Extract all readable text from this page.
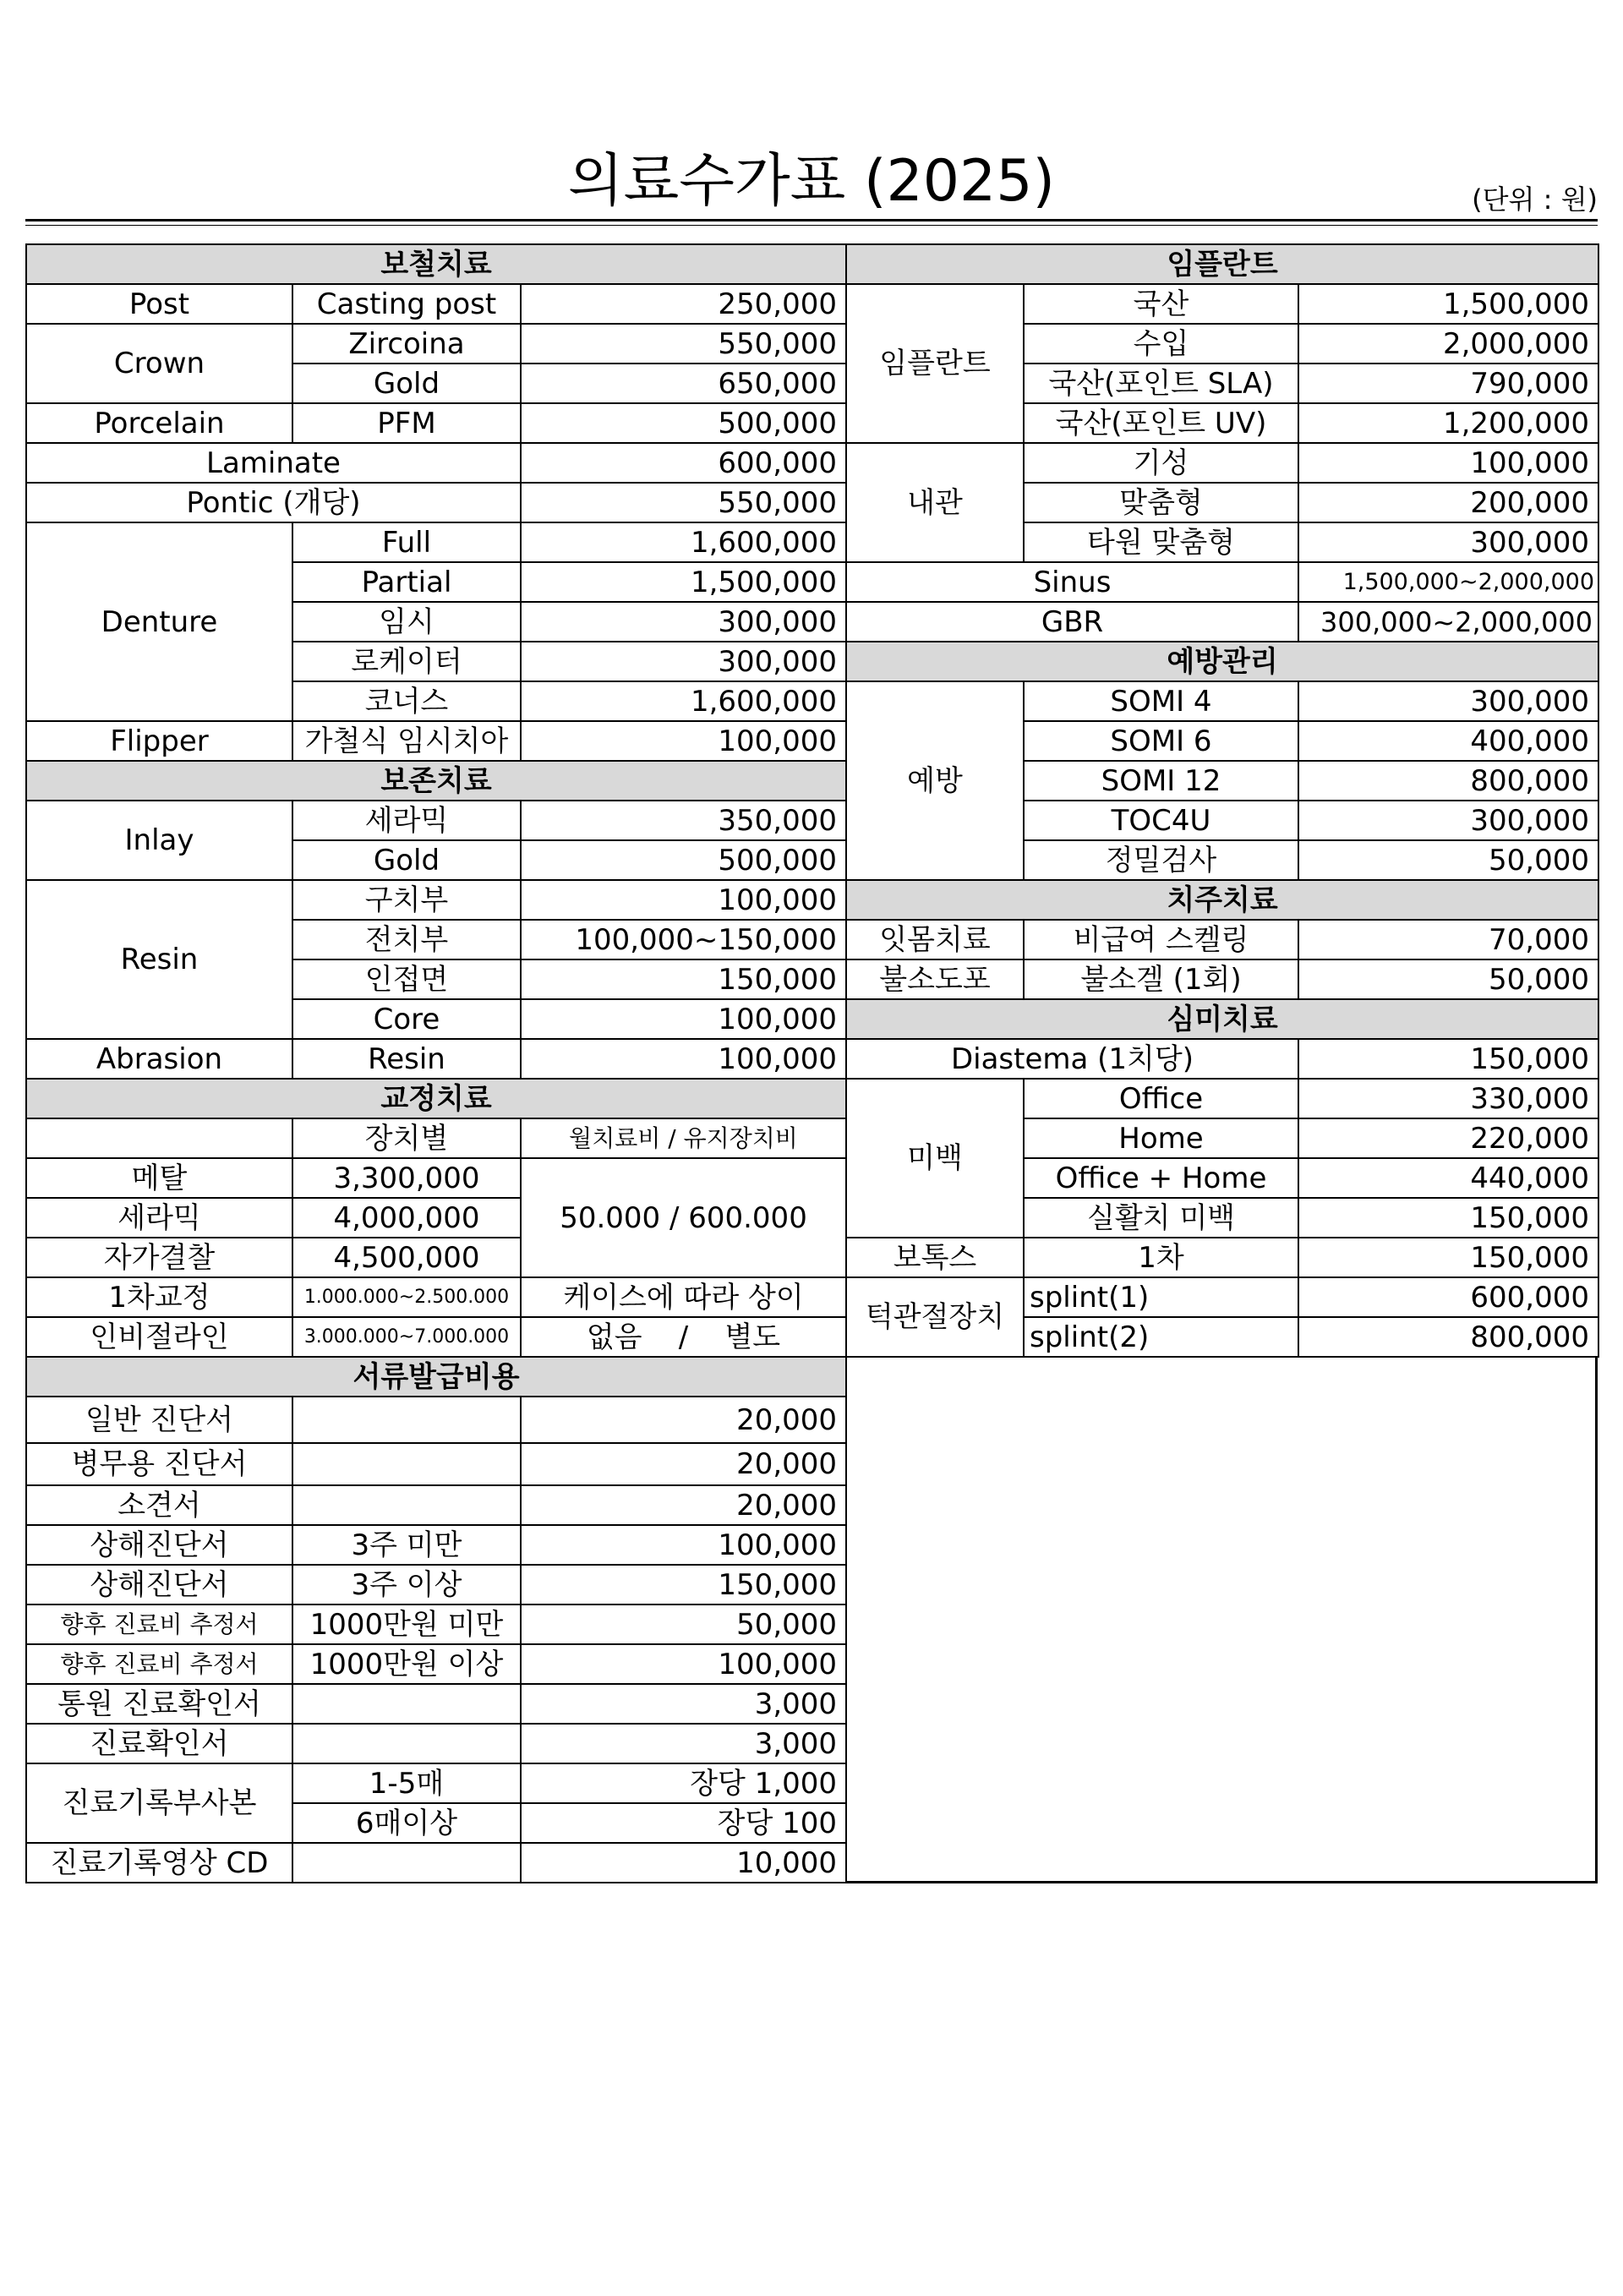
의료수가표 (2025)	(단위 : 원)
보철치료		
Post	Casting post	250,000
Crown	Zircoina	550,000
	Gold	650,000
Porcelain	PFM	500,000
Laminate		600,000
Pontic (개당)		550,000
Denture	Full	1,600,000
	Partial	1,500,000
	임시	300,000
	로케이터	300,000
	코너스	1,600,000
Flipper	가철식 임시치아	100,000
보존치료		
Inlay	세라믹	350,000
	Gold	500,000
Resin	구치부	100,000
	전치부	100,000~150,000
	인접면	150,000
	Core	100,000
Abrasion	Resin	100,000
교정치료		
	장치별	월치료비 / 유지장치비
메탈	3,300,000	50.000 / 600.000
세라믹	4,000,000	
자가결찰	4,500,000	
1차교정	1.000.000~2.500.000	케이스에 따라 상이
인비절라인	3.000.000~7.000.000	없음    /    별도
서류발급비용		
일반 진단서		20,000
병무용 진단서		20,000
소견서		20,000
상해진단서	3주 미만	100,000
상해진단서	3주 이상	150,000
향후 진료비 추정서	1000만원 미만	50,000
향후 진료비 추정서	1000만원 이상	100,000
통원 진료확인서		3,000
진료확인서		3,000
진료기록부사본	1-5매	장당 1,000
	6매이상	장당 100
진료기록영상 CD		10,000
임플란트		
임플란트	국산	1,500,000
	수입	2,000,000
	국산(포인트 SLA)	790,000
	국산(포인트 UV)	1,200,000
내관	기성	100,000
	맞춤형	200,000
	타원 맞춤형	300,000
Sinus		1,500,000~2,000,000
GBR		300,000~2,000,000
예방관리		
예방	SOMI 4	300,000
	SOMI 6	400,000
	SOMI 12	800,000
	TOC4U	300,000
	정밀검사	50,000
치주치료		
잇몸치료	비급여 스켈링	70,000
불소도포	불소겔 (1회)	50,000
심미치료		
Diastema (1치당)		150,000
미백	Office	330,000
	Home	220,000
	Office + Home	440,000
	실활치 미백	150,000
보톡스	1차	150,000
턱관절장치	splint(1)	600,000
	splint(2)	800,000
